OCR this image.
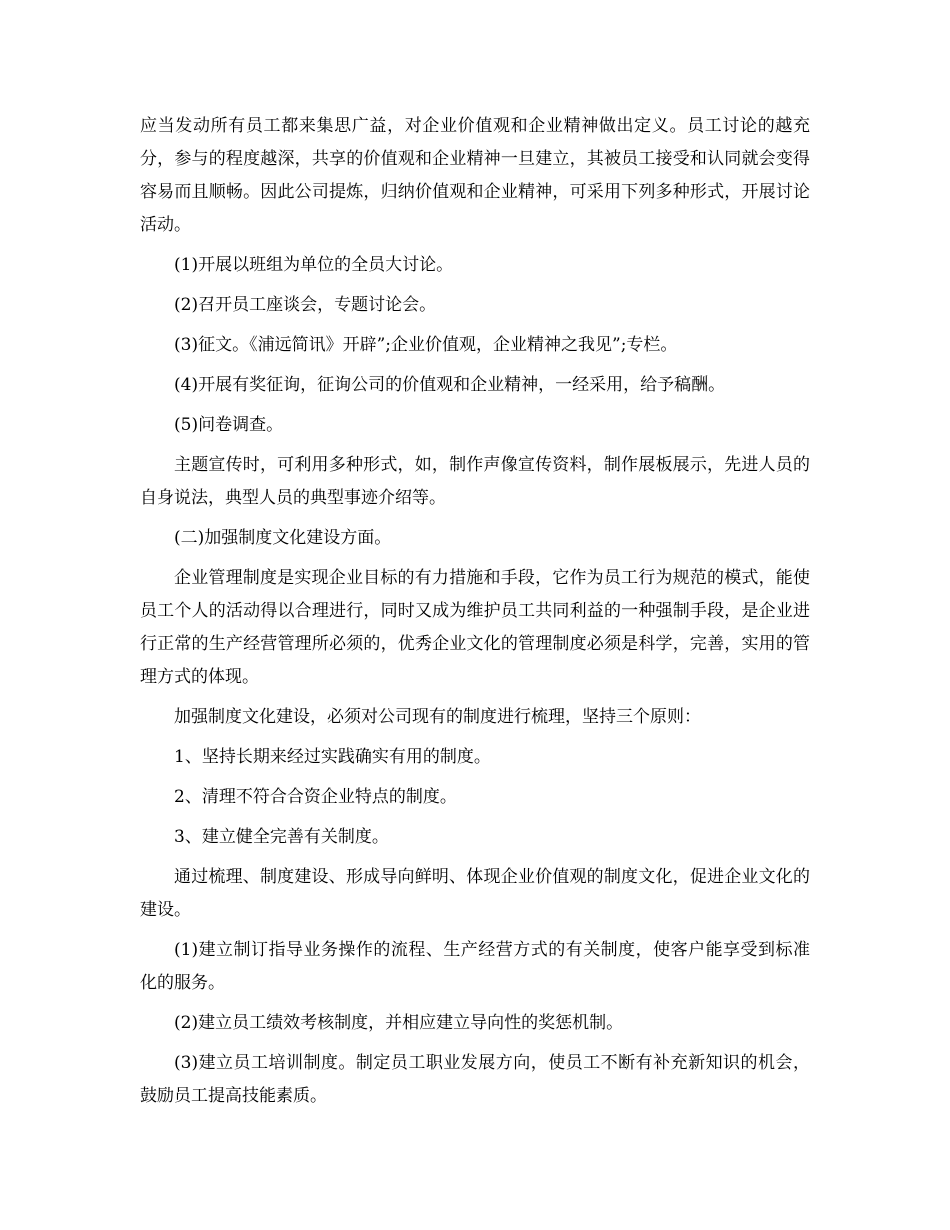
应当发动所有员工都来集思广益，对企业价值观和企业精神做出定义。员工讨论的越充分，参与的程度越深，共享的价值观和企业精神一旦建立，其被员工接受和认同就会变得容易而且顺畅。因此公司提炼，归纳价值观和企业精神，可采用下列多种形式，开展讨论活动。

(1)开展以班组为单位的全员大讨论。

(2)召开员工座谈会，专题讨论会。

(3)征文。《浦远简讯》开辟”;企业价值观，企业精神之我见”;专栏。

(4)开展有奖征询，征询公司的价值观和企业精神，一经采用，给予稿酬。

(5)问卷调查。

主题宣传时，可利用多种形式，如，制作声像宣传资料，制作展板展示，先进人员的自身说法，典型人员的典型事迹介绍等。

(二)加强制度文化建设方面。

企业管理制度是实现企业目标的有力措施和手段，它作为员工行为规范的模式，能使员工个人的活动得以合理进行，同时又成为维护员工共同利益的一种强制手段，是企业进行正常的生产经营管理所必须的，优秀企业文化的管理制度必须是科学，完善，实用的管理方式的体现。

加强制度文化建设，必须对公司现有的制度进行梳理，坚持三个原则：

1、坚持长期来经过实践确实有用的制度。

2、清理不符合合资企业特点的制度。

3、建立健全完善有关制度。

通过梳理、制度建设、形成导向鲜明、体现企业价值观的制度文化，促进企业文化的建设。

(1)建立制订指导业务操作的流程、生产经营方式的有关制度，使客户能享受到标准化的服务。

(2)建立员工绩效考核制度，并相应建立导向性的奖惩机制。

(3)建立员工培训制度。制定员工职业发展方向，使员工不断有补充新知识的机会，鼓励员工提高技能素质。
